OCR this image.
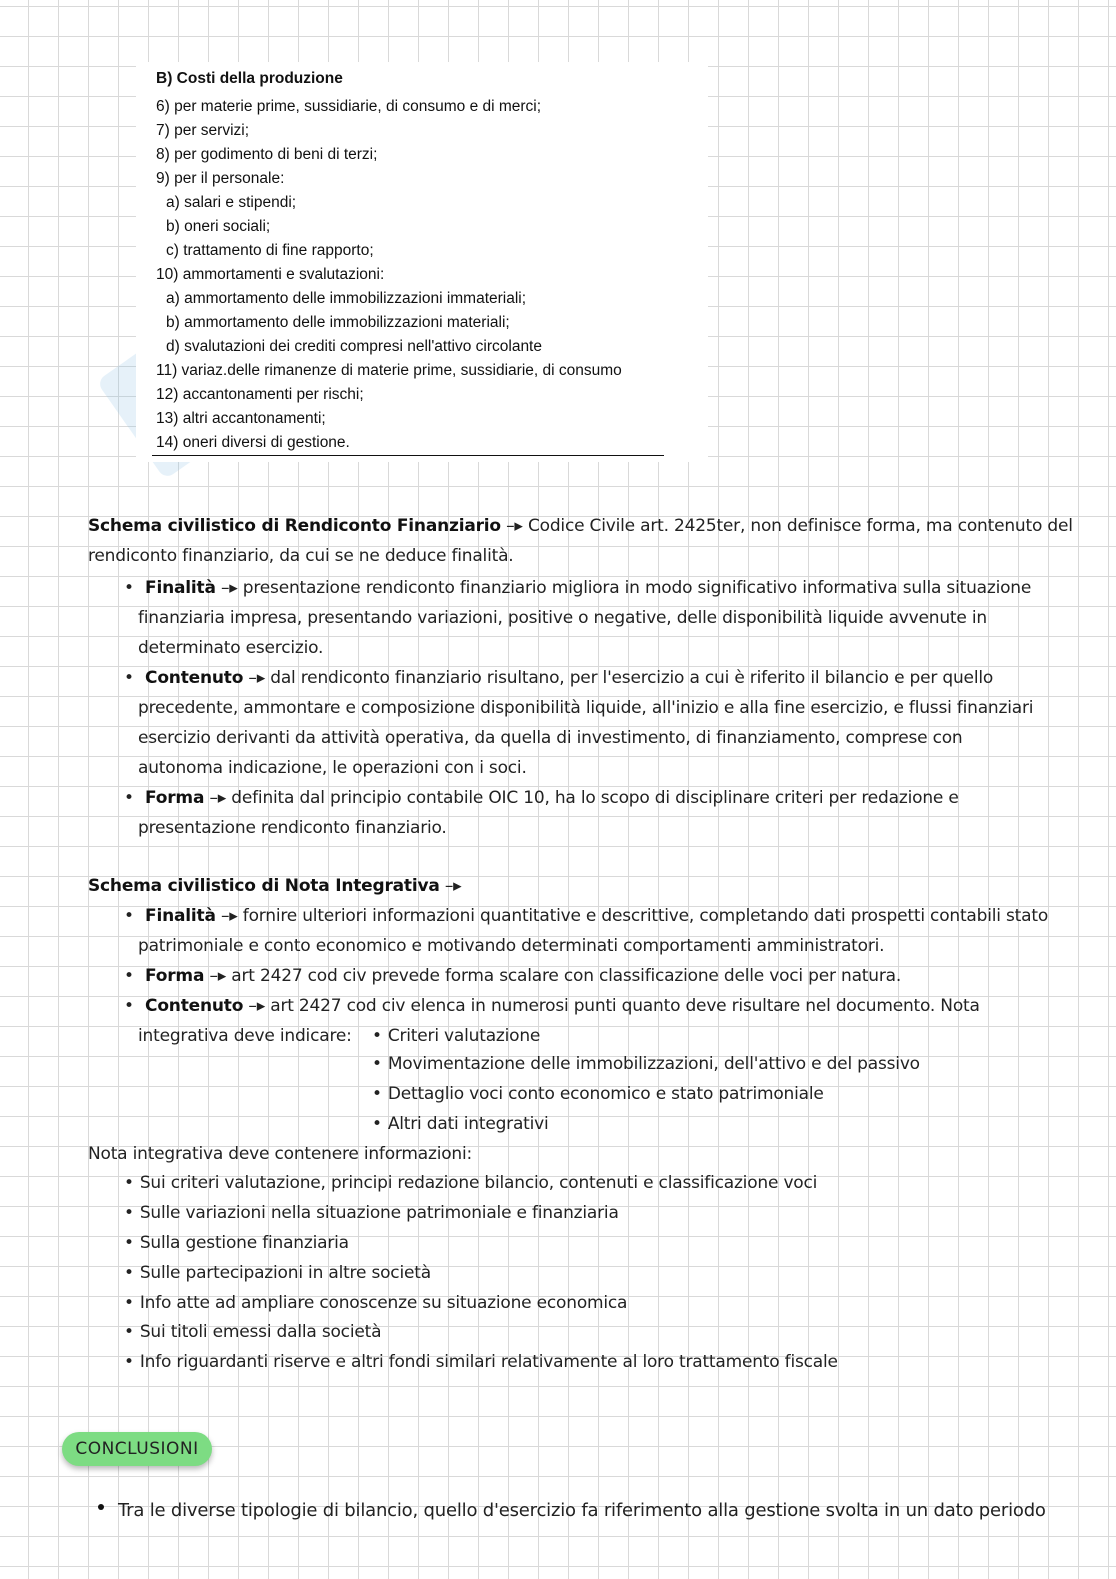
B) Costi della produzione
6) per materie prime, sussidiarie, di consumo e di merci;
7) per servizi;
8) per godimento di beni di terzi;
9) per il personale:
a) salari e stipendi;
b) oneri sociali;
c) trattamento di fine rapporto;
10) ammortamenti e svalutazioni:
a) ammortamento delle immobilizzazioni immateriali;
b) ammortamento delle immobilizzazioni materiali;
d) svalutazioni dei crediti compresi nell'attivo circolante
11) variaz.delle rimanenze di materie prime, sussidiarie, di consumo
12) accantonamenti per rischi;
13) altri accantonamenti;
14) oneri diversi di gestione.
Schema civilistico di Rendiconto Finanziario –▸ Codice Civile art. 2425ter, non definisce forma, ma contenuto del
rendiconto finanziario, da cui se ne deduce finalità.
• Finalità –▸ presentazione rendiconto finanziario migliora in modo significativo informativa sulla situazione
finanziaria impresa, presentando variazioni, positive o negative, delle disponibilità liquide avvenute in
determinato esercizio.
• Contenuto –▸ dal rendiconto finanziario risultano, per l'esercizio a cui è riferito il bilancio e per quello
precedente, ammontare e composizione disponibilità liquide, all'inizio e alla fine esercizio, e flussi finanziari
esercizio derivanti da attività operativa, da quella di investimento, di finanziamento, comprese con
autonoma indicazione, le operazioni con i soci.
• Forma –▸ definita dal principio contabile OIC 10, ha lo scopo di disciplinare criteri per redazione e
presentazione rendiconto finanziario.
Schema civilistico di Nota Integrativa –▸
• Finalità –▸ fornire ulteriori informazioni quantitative e descrittive, completando dati prospetti contabili stato
patrimoniale e conto economico e motivando determinati comportamenti amministratori.
• Forma –▸ art 2427 cod civ prevede forma scalare con classificazione delle voci per natura.
• Contenuto –▸ art 2427 cod civ elenca in numerosi punti quanto deve risultare nel documento. Nota
integrativa deve indicare:
•	Criteri valutazione
• Movimentazione delle immobilizzazioni, dell'attivo e del passivo
• Dettaglio voci conto economico e stato patrimoniale
• Altri dati integrativi
Nota integrativa deve contenere informazioni:
• Sui criteri valutazione, principi redazione bilancio, contenuti e classificazione voci
• Sulle variazioni nella situazione patrimoniale e finanziaria
• Sulla gestione finanziaria
• Sulle partecipazioni in altre società
• Info atte ad ampliare conoscenze su situazione economica
• Sui titoli emessi dalla società
• Info riguardanti riserve e altri fondi similari relativamente al loro trattamento fiscale
CONCLUSIONI
Tra le diverse tipologie di bilancio, quello d'esercizio fa riferimento alla gestione svolta in un dato periodo
